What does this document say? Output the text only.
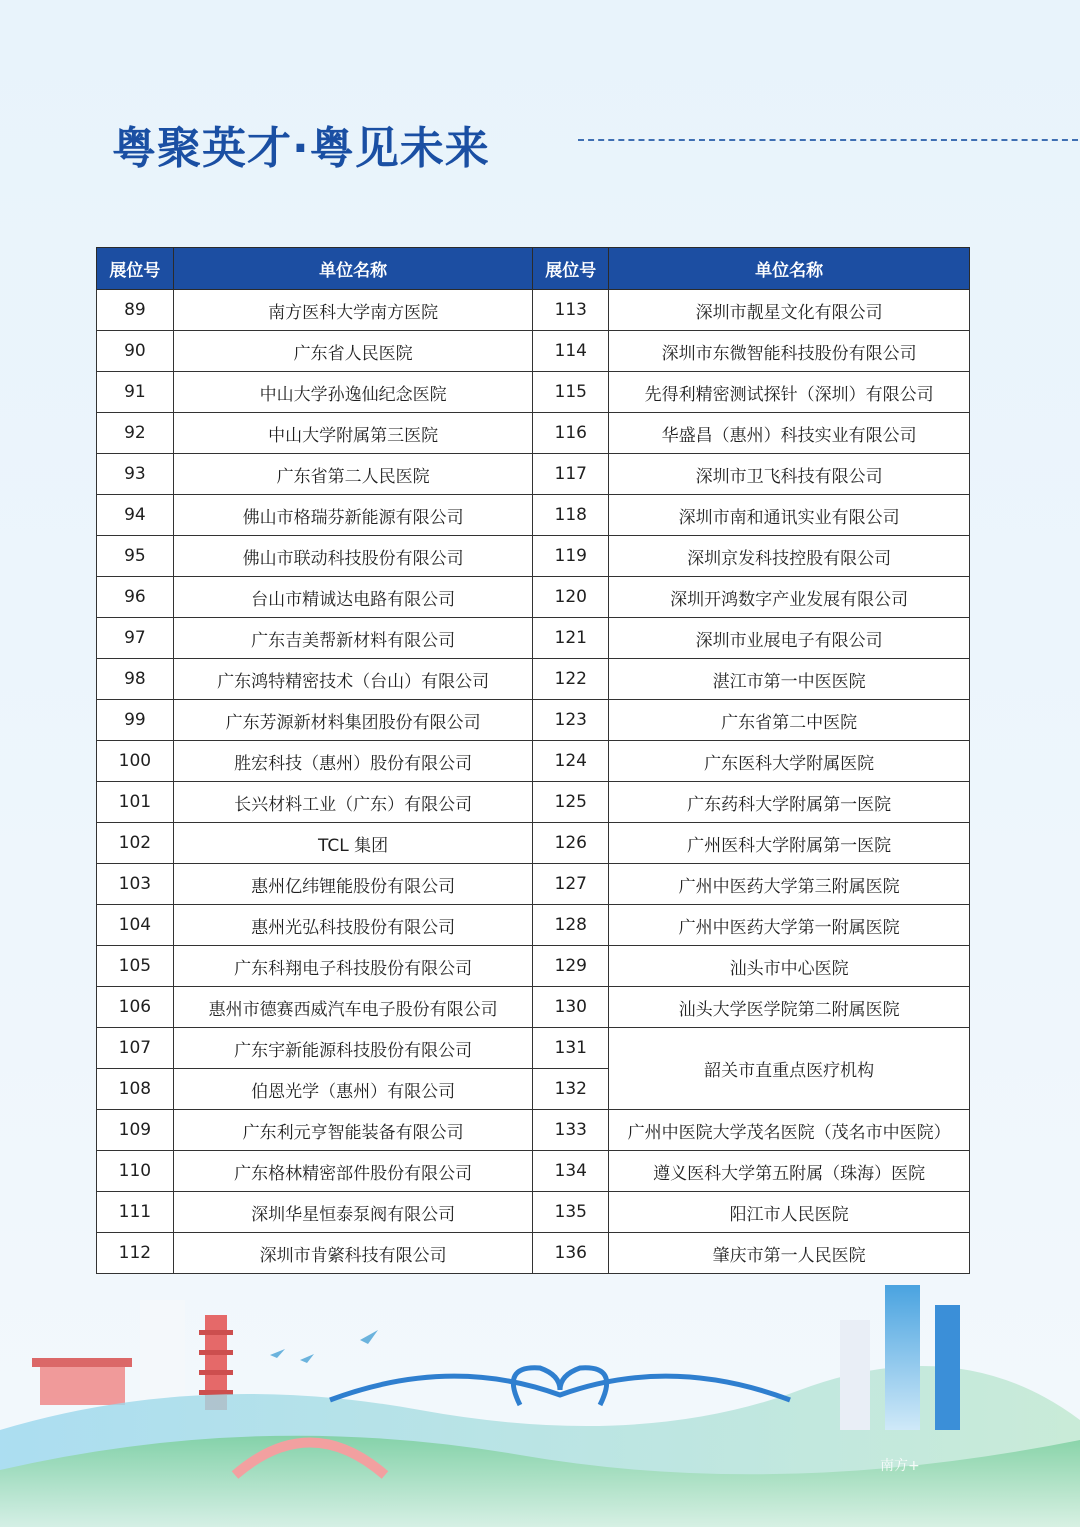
粤聚英才·粤见未来
展位号	单位名称	展位号	单位名称
89	南方医科大学南方医院	113	深圳市靓星文化有限公司
90	广东省人民医院	114	深圳市东微智能科技股份有限公司
91	中山大学孙逸仙纪念医院	115	先得利精密测试探针（深圳）有限公司
92	中山大学附属第三医院	116	华盛昌（惠州）科技实业有限公司
93	广东省第二人民医院	117	深圳市卫飞科技有限公司
94	佛山市格瑞芬新能源有限公司	118	深圳市南和通讯实业有限公司
95	佛山市联动科技股份有限公司	119	深圳京发科技控股有限公司
96	台山市精诚达电路有限公司	120	深圳开鸿数字产业发展有限公司
97	广东吉美帮新材料有限公司	121	深圳市业展电子有限公司
98	广东鸿特精密技术（台山）有限公司	122	湛江市第一中医医院
99	广东芳源新材料集团股份有限公司	123	广东省第二中医院
100	胜宏科技（惠州）股份有限公司	124	广东医科大学附属医院
101	长兴材料工业（广东）有限公司	125	广东药科大学附属第一医院
102	TCL 集团	126	广州医科大学附属第一医院
103	惠州亿纬锂能股份有限公司	127	广州中医药大学第三附属医院
104	惠州光弘科技股份有限公司	128	广州中医药大学第一附属医院
105	广东科翔电子科技股份有限公司	129	汕头市中心医院
106	惠州市德赛西威汽车电子股份有限公司	130	汕头大学医学院第二附属医院
107	广东宇新能源科技股份有限公司	131	韶关市直重点医疗机构
108	伯恩光学（惠州）有限公司	132	
109	广东利元亨智能装备有限公司	133	广州中医院大学茂名医院（茂名市中医院）
110	广东格林精密部件股份有限公司	134	遵义医科大学第五附属（珠海）医院
111	深圳华星恒泰泵阀有限公司	135	阳江市人民医院
112	深圳市肯綮科技有限公司	136	肇庆市第一人民医院
南方+
